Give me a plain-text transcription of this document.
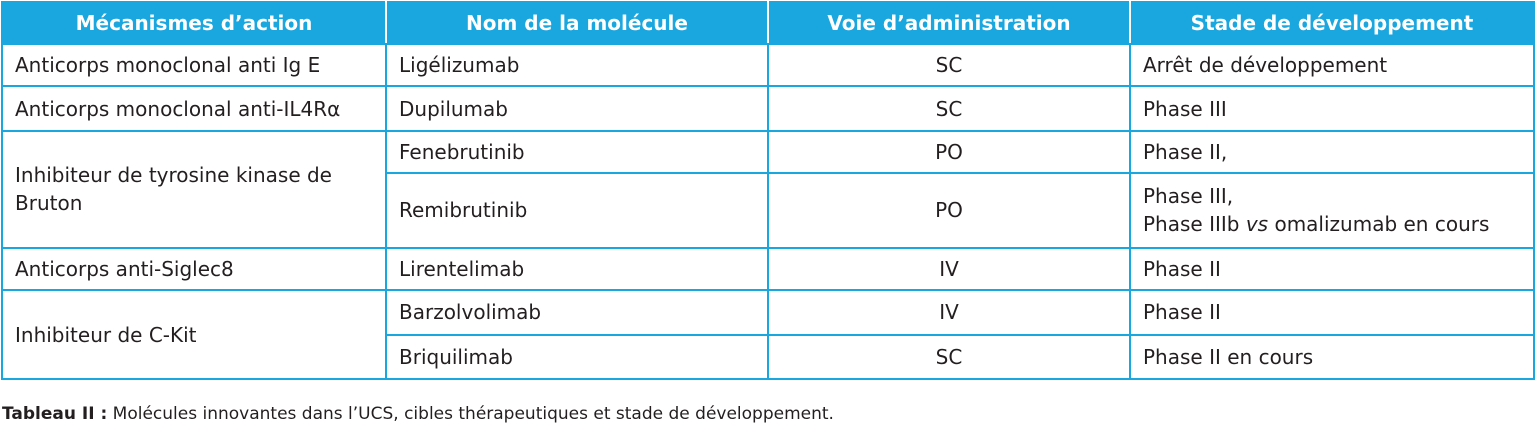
Mécanismes d’action	Nom de la molécule	Voie d’administration	Stade de développement
Anticorps monoclonal anti Ig E	Ligélizumab	SC	Arrêt de développement
Anticorps monoclonal anti-IL4Rα	Dupilumab	SC	Phase III
Inhibiteur de tyrosine kinase de Bruton	Fenebrutinib	PO	Phase II,
	Remibrutinib	PO	Phase III,
Phase IIIb vs omalizumab en cours

Anticorps anti-Siglec8	Lirentelimab	IV	Phase II
Inhibiteur de C-Kit	Barzolvolimab	IV	Phase II
	Briquilimab	SC	Phase II en cours
Tableau II : Molécules innovantes dans l’UCS, cibles thérapeutiques et stade de développement.
